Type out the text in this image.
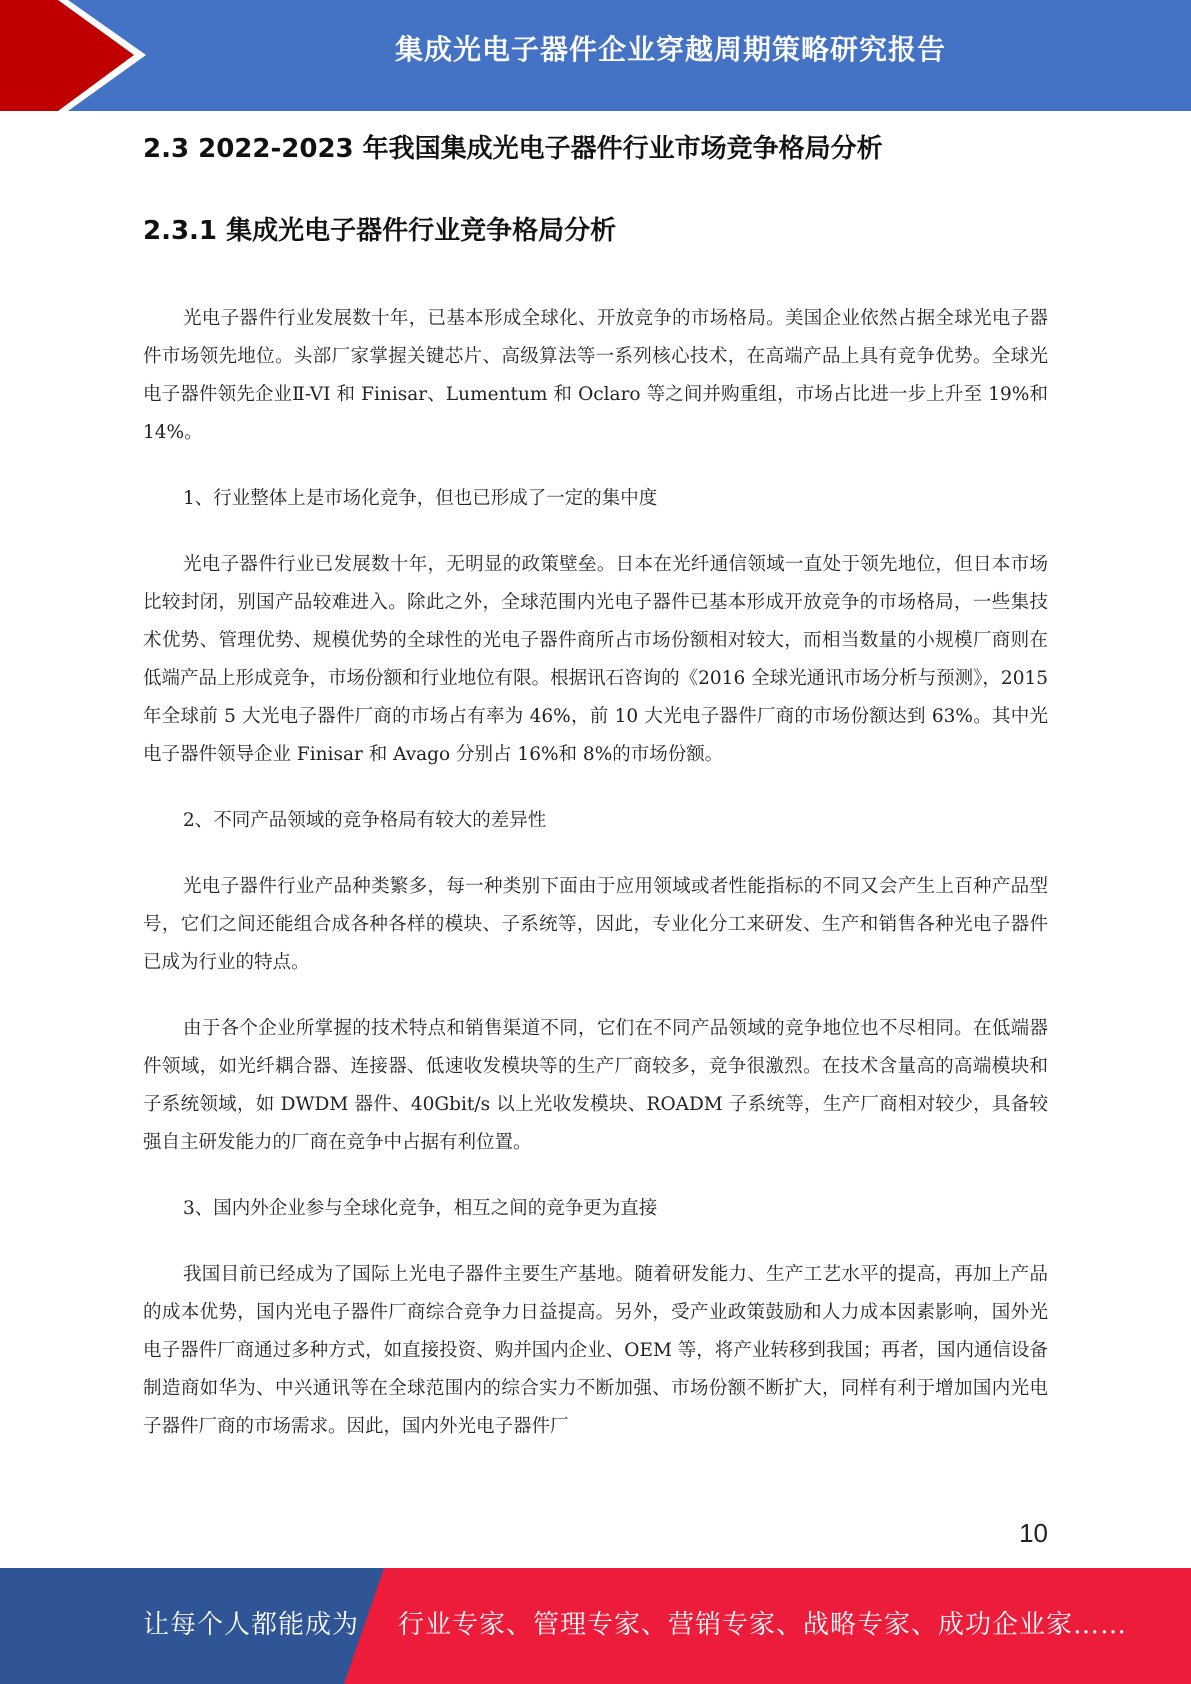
集成光电子器件企业穿越周期策略研究报告
2.3 2022-2023 年我国集成光电子器件行业市场竞争格局分析
2.3.1 集成光电子器件行业竞争格局分析

光电子器件行业发展数十年，已基本形成全球化、开放竞争的市场格局。美国企业依然占据全球光电子器件市场领先地位。头部厂家掌握关键芯片、高级算法等一系列核心技术，在高端产品上具有竞争优势。全球光电子器件领先企业Ⅱ-VI 和 Finisar、Lumentum 和 Oclaro 等之间并购重组，市场占比进一步上升至 19%和 14%。

1、行业整体上是市场化竞争，但也已形成了一定的集中度

光电子器件行业已发展数十年，无明显的政策壁垒。日本在光纤通信领域一直处于领先地位，但日本市场比较封闭，别国产品较难进入。除此之外，全球范围内光电子器件已基本形成开放竞争的市场格局，一些集技术优势、管理优势、规模优势的全球性的光电子器件商所占市场份额相对较大，而相当数量的小规模厂商则在低端产品上形成竞争，市场份额和行业地位有限。根据讯石咨询的《2016 全球光通讯市场分析与预测》，2015 年全球前 5 大光电子器件厂商的市场占有率为 46%，前 10 大光电子器件厂商的市场份额达到 63%。其中光电子器件领导企业 Finisar 和 Avago 分别占 16%和 8%的市场份额。

2、不同产品领域的竞争格局有较大的差异性

光电子器件行业产品种类繁多，每一种类别下面由于应用领域或者性能指标的不同又会产生上百种产品型号，它们之间还能组合成各种各样的模块、子系统等，因此，专业化分工来研发、生产和销售各种光电子器件已成为行业的特点。

由于各个企业所掌握的技术特点和销售渠道不同，它们在不同产品领域的竞争地位也不尽相同。在低端器件领域，如光纤耦合器、连接器、低速收发模块等的生产厂商较多，竞争很激烈。在技术含量高的高端模块和子系统领域，如 DWDM 器件、40Gbit/s 以上光收发模块、ROADM 子系统等，生产厂商相对较少，具备较强自主研发能力的厂商在竞争中占据有利位置。

3、国内外企业参与全球化竞争，相互之间的竞争更为直接

我国目前已经成为了国际上光电子器件主要生产基地。随着研发能力、生产工艺水平的提高，再加上产品的成本优势，国内光电子器件厂商综合竞争力日益提高。另外，受产业政策鼓励和人力成本因素影响，国外光电子器件厂商通过多种方式，如直接投资、购并国内企业、OEM 等，将产业转移到我国；再者，国内通信设备制造商如华为、中兴通讯等在全球范围内的综合实力不断加强、市场份额不断扩大，同样有利于增加国内光电子器件厂商的市场需求。因此，国内外光电子器件厂

10
让每个人都能成为 行业专家、管理专家、营销专家、战略专家、成功企业家……
